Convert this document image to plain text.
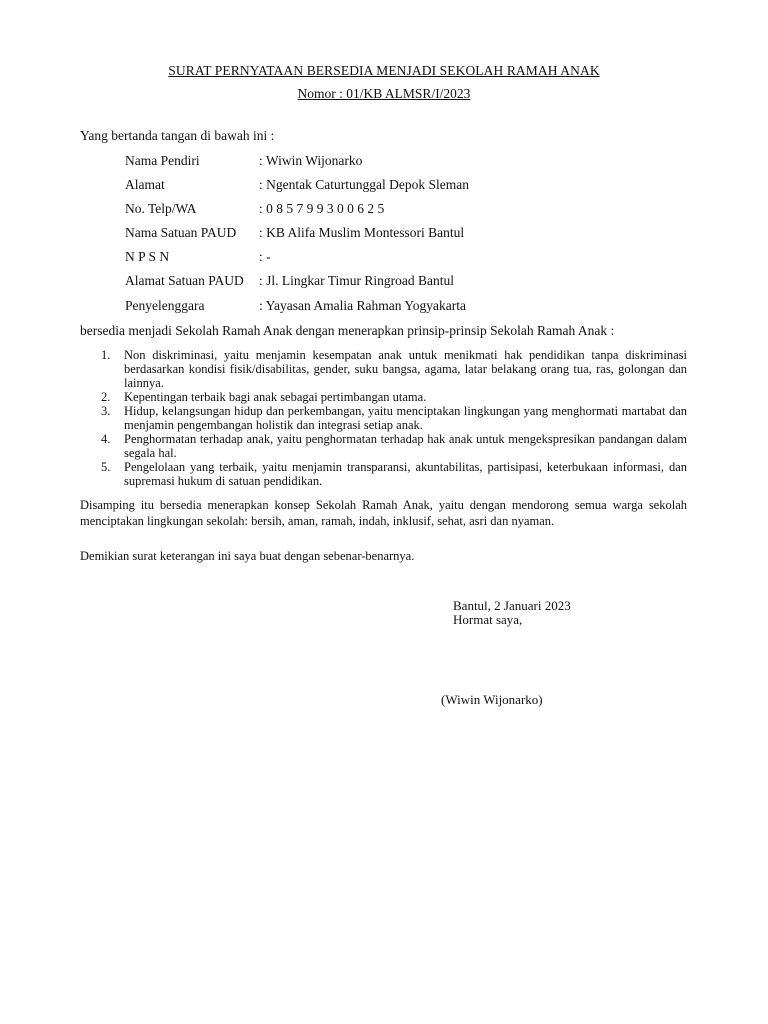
SURAT PERNYATAAN BERSEDIA MENJADI SEKOLAH RAMAH ANAK
Nomor : 01/KB ALMSR/I/2023
Yang bertanda tangan di bawah ini :
Nama Pendiri	: Wiwin Wijonarko
Alamat	: Ngentak Caturtunggal Depok Sleman
No. Telp/WA	: 0 8 5 7 9 9 3 0 0 6 2 5
Nama Satuan PAUD : KB Alifa Muslim Montessori Bantul
N P S N	: -
Alamat Satuan PAUD : Jl. Lingkar Timur Ringroad Bantul
Penyelenggara	: Yayasan Amalia Rahman Yogyakarta
bersedia menjadi Sekolah Ramah Anak dengan menerapkan prinsip-prinsip Sekolah Ramah Anak :
1. Non diskriminasi, yaitu menjamin kesempatan anak untuk menikmati hak pendidikan tanpa diskriminasi berdasarkan kondisi fisik/disabilitas, gender, suku bangsa, agama, latar belakang orang tua, ras, golongan dan lainnya.
2. Kepentingan terbaik bagi anak sebagai pertimbangan utama.
3. Hidup, kelangsungan hidup dan perkembangan, yaitu menciptakan lingkungan yang menghormati martabat dan menjamin pengembangan holistik dan integrasi setiap anak.
4. Penghormatan terhadap anak, yaitu penghormatan terhadap hak anak untuk mengekspresikan pandangan dalam segala hal.
5. Pengelolaan yang terbaik, yaitu menjamin transparansi, akuntabilitas, partisipasi, keterbukaan informasi, dan supremasi hukum di satuan pendidikan.
Disamping itu bersedia menerapkan konsep Sekolah Ramah Anak, yaitu dengan mendorong semua warga sekolah menciptakan lingkungan sekolah: bersih, aman, ramah, indah, inklusif, sehat, asri dan nyaman.
Demikian surat keterangan ini saya buat dengan sebenar-benarnya.
Bantul, 2 Januari 2023
Hormat saya,
(Wiwin Wijonarko)
